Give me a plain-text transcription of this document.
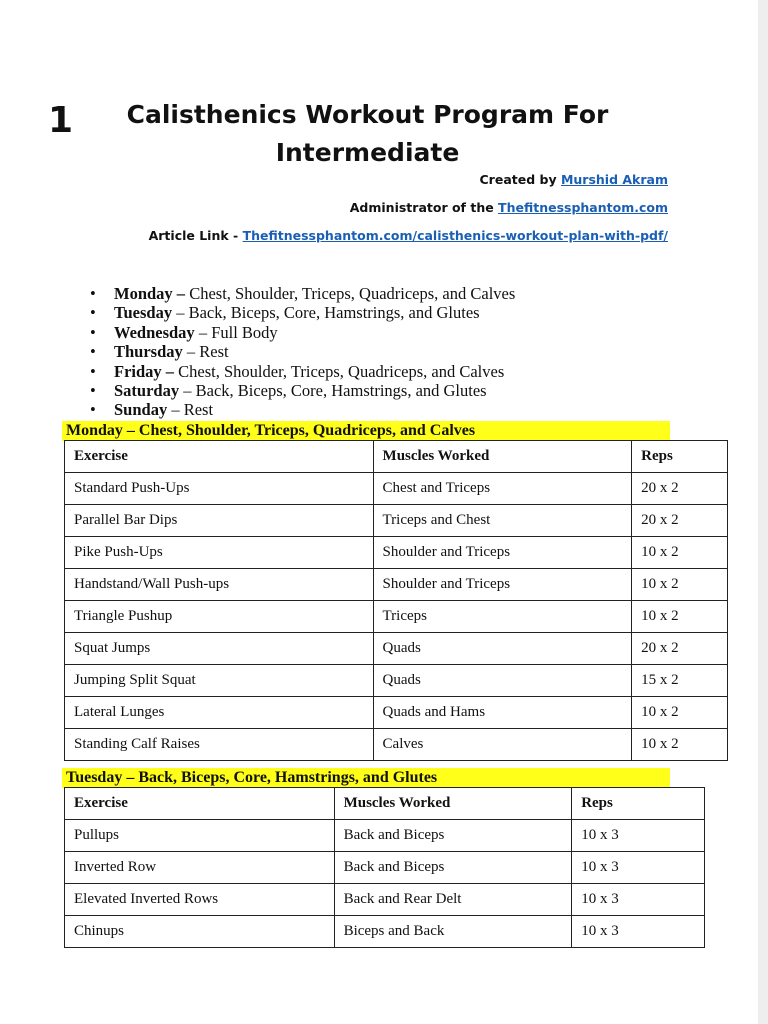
1	Calisthenics Workout Program For Intermediate
Created by Murshid Akram
Administrator of the Thefitnessphantom.com
Article Link - Thefitnessphantom.com/calisthenics-workout-plan-with-pdf/
• Monday – Chest, Shoulder, Triceps, Quadriceps, and Calves
• Tuesday – Back, Biceps, Core, Hamstrings, and Glutes
• Wednesday – Full Body
• Thursday – Rest
• Friday – Chest, Shoulder, Triceps, Quadriceps, and Calves
• Saturday – Back, Biceps, Core, Hamstrings, and Glutes
• Sunday – Rest
Monday – Chest, Shoulder, Triceps, Quadriceps, and Calves
Exercise	Muscles Worked	Reps
Standard Push-Ups	Chest and Triceps	20 x 2
Parallel Bar Dips	Triceps and Chest	20 x 2
Pike Push-Ups	Shoulder and Triceps	10 x 2
Handstand/Wall Push-ups	Shoulder and Triceps	10 x 2
Triangle Pushup	Triceps	10 x 2
Squat Jumps	Quads	20 x 2
Jumping Split Squat	Quads	15 x 2
Lateral Lunges	Quads and Hams	10 x 2
Standing Calf Raises	Calves	10 x 2
Tuesday – Back, Biceps, Core, Hamstrings, and Glutes
Exercise	Muscles Worked	Reps
Pullups	Back and Biceps	10 x 3
Inverted Row	Back and Biceps	10 x 3
Elevated Inverted Rows	Back and Rear Delt	10 x 3
Chinups	Biceps and Back	10 x 3
